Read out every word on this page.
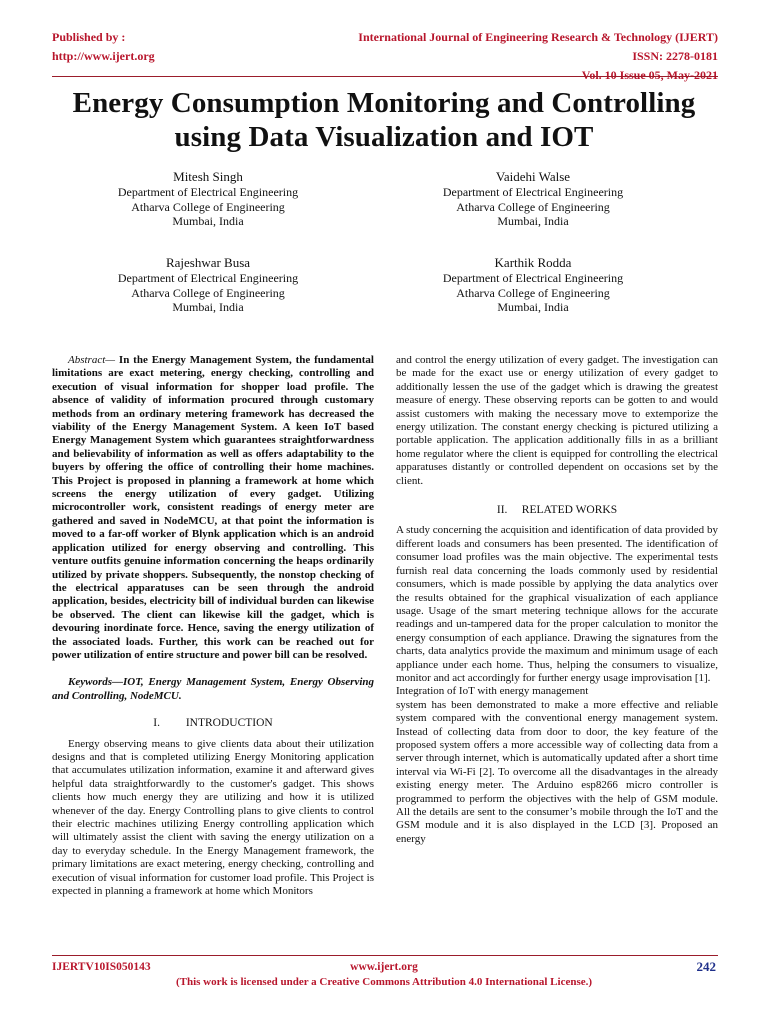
Published by :
http://www.ijert.org
International Journal of Engineering Research & Technology (IJERT)
ISSN: 2278-0181
Vol. 10 Issue 05, May-2021
Energy Consumption Monitoring and Controlling
using Data Visualization and IOT
Mitesh Singh
Department of Electrical Engineering
Atharva College of Engineering
Mumbai, India
Vaidehi Walse
Department of Electrical Engineering
Atharva College of Engineering
Mumbai, India
Rajeshwar Busa
Department of Electrical Engineering
Atharva College of Engineering
Mumbai, India
Karthik Rodda
Department of Electrical Engineering
Atharva College of Engineering
Mumbai, India

Abstract— In the Energy Management System, the fundamental limitations are exact metering, energy checking, controlling and execution of visual information for shopper load profile. The absence of validity of information procured through customary methods from an ordinary metering framework has decreased the viability of the Energy Management System. A keen IoT based Energy Management System which guarantees straightforwardness and believability of information as well as offers adaptability to the buyers by offering the office of controlling their home machines. This Project is proposed in planning a framework at home which screens the energy utilization of every gadget. Utilizing microcontroller work, consistent readings of energy meter are gathered and saved in NodeMCU, at that point the information is moved to a far-off worker of Blynk application which is an android application utilized for energy observing and controlling. This venture outfits genuine information concerning the heaps ordinarily utilized by private shoppers. Subsequently, the nonstop checking of the electrical apparatuses can be seen through the android application, besides, electricity bill of individual burden can likewise be observed. The client can likewise kill the gadget, which is devouring inordinate force. Hence, saving the energy utilization of the associated loads. Further, this work can be reached out for power utilization of entire structure and power bill can be resolved.

Keywords—IOT, Energy Management System, Energy Observing and Controlling, NodeMCU.

I.         INTRODUCTION

Energy observing means to give clients data about their utilization designs and that is completed utilizing Energy Monitoring application that accumulates utilization information, examine it and afterward gives helpful data straightforwardly to the customer's gadget. This shows clients how much energy they are utilizing and how it is utilized whenever of the day. Energy Controlling plans to give clients to control their electric machines utilizing Energy controlling application which will ultimately assist the client with saving the energy utilization on a day to everyday schedule. In the Energy Management framework, the primary limitations are exact metering, energy checking, controlling and execution of visual information for customer load profile. This Project is expected in planning a framework at home which Monitors

and control the energy utilization of every gadget. The investigation can be made for the exact use or energy utilization of every gadget to additionally lessen the use of the gadget which is drawing the greatest measure of energy. These observing reports can be gotten to and would assist customers with making the necessary move to extemporize the energy utilization. The constant energy checking is pictured utilizing a portable application. The application additionally fills in as a brilliant home regulator where the client is equipped for controlling the electrical apparatuses distantly or controlled dependent on occasions set by the client.

II.     RELATED WORKS

A study concerning the acquisition and identification of data provided by different loads and consumers has been presented. The identification of consumer load profiles was the main objective. The experimental tests furnish real data concerning the loads commonly used by residential consumers, which is made possible by applying the data analytics over the results obtained for the graphical visualization of each appliance usage. Usage of the smart metering technique allows for the accurate readings and un-tampered data for the proper calculation to monitor the energy consumption of each appliance. Drawing the signatures from the charts, data analytics provide the maximum and minimum usage of each appliance under each home. Thus, helping the consumers to visualize, monitor and act accordingly for further energy usage improvisation [1].

Integration of IoT with energy management

system has been demonstrated to make a more effective and reliable system compared with the conventional energy management system. Instead of collecting data from door to door, the key feature of the proposed system offers a more accessible way of collecting data from a server through internet, which is automatically updated after a short time interval via Wi-Fi [2]. To overcome all the disadvantages in the already existing energy meter. The Arduino esp8266 micro controller is programmed to perform the objectives with the help of GSM module. All the details are sent to the consumer’s mobile through the IoT and the GSM module and it is also displayed in the LCD [3]. Proposed an energy

IJERTV10IS050143	www.ijert.org	242
(This work is licensed under a Creative Commons Attribution 4.0 International License.)
